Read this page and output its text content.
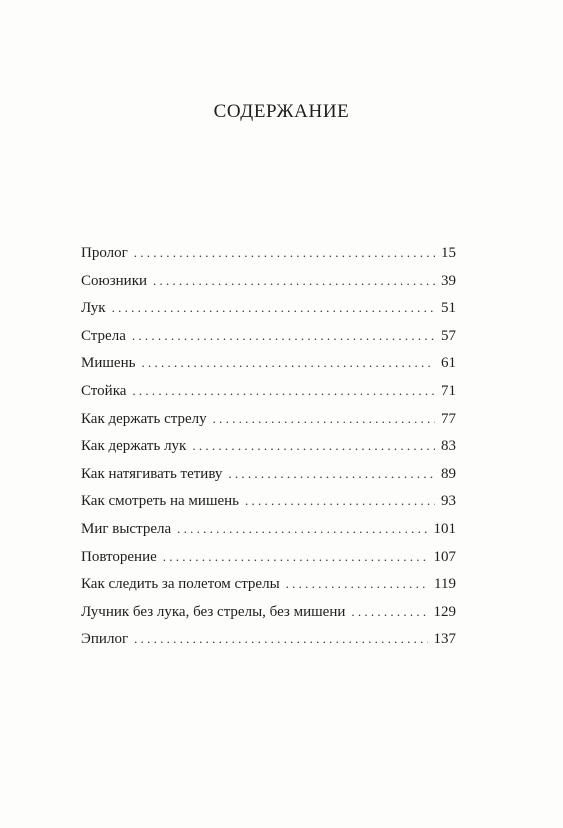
СОДЕРЖАНИЕ
Пролог . . .	15
Союзники . . .	39
Лук . . .	51
Стрела . . .	57
Мишень . . .	61
Стойка . . .	71
Как держать стрелу . . .	77
Как держать лук . . .	83
Как натягивать тетиву . . .	89
Как смотреть на мишень . . .	93
Миг выстрела . . .	101
Повторение . . .	107
Как следить за полетом стрелы . . .	119
Лучник без лука, без стрелы, без мишени . . .	129
Эпилог . . .	137
